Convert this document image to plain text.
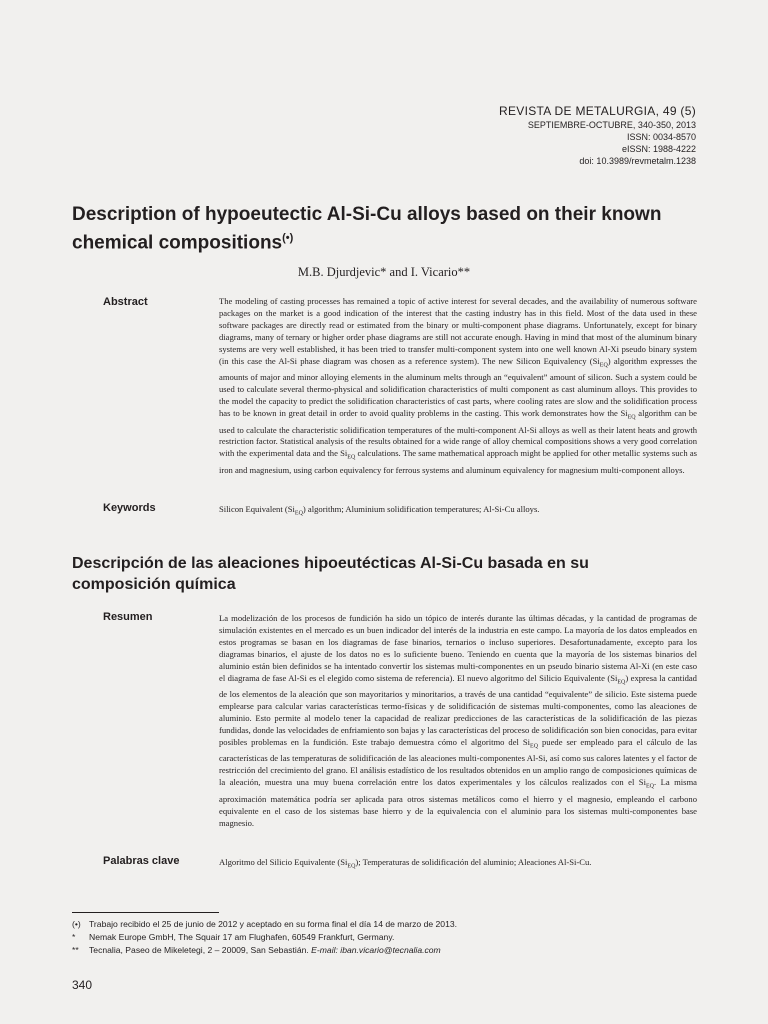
REVISTA DE METALURGIA, 49 (5)
SEPTIEMBRE-OCTUBRE, 340-350, 2013
ISSN: 0034-8570
eISSN: 1988-4222
doi: 10.3989/revmetalm.1238
Description of hypoeutectic Al-Si-Cu alloys based on their known
chemical compositions(•)
M.B. Djurdjevic* and I. Vicario**
Abstract	The modeling of casting processes has remained a topic of active interest for several decades, and the availability of numerous software packages on the market is a good indication of the interest that the casting industry has in this field. Most of the data used in these software packages are directly read or estimated from the binary or multi-component phase diagrams. Unfortunately, except for binary diagrams, many of ternary or higher order phase diagrams are still not accurate enough. Having in mind that most of the aluminum binary systems are very well established, it has been tried to transfer multi-component system into one well known Al-Xi pseudo binary system (in this case the Al-Si phase diagram was chosen as a reference system). The new Silicon Equivalency $(Si_{EQ})$ algorithm expresses the amounts of major and minor alloying elements in the aluminum melts through an “equivalent” amount of silicon. Such a system could be used to calculate several thermo-physical and solidification characteristics of multi component as cast aluminum alloys. This provides to the model the capacity to predict the solidification characteristics of cast parts, where cooling rates are slow and the solidification process has to be known in great detail in order to avoid quality problems in the casting. This work demonstrates how the $Si_{EQ}$ algorithm can be used to calculate the characteristic solidification temperatures of the multi-component Al-Si alloys as well as their latent heats and growth restriction factor. Statistical analysis of the results obtained for a wide range of alloy chemical compositions shows a very good correlation with the experimental data and the $Si_{EQ}$ calculations. The same mathematical approach might be applied for other metallic systems such as iron and magnesium, using carbon equivalency for ferrous systems and aluminum equivalency for magnesium multi-component alloys.
Keywords	Silicon Equivalent $(Si_{EQ})$ algorithm; Aluminium solidification temperatures; Al-Si-Cu alloys.
Descripción de las aleaciones hipoeutécticas Al-Si-Cu basada en su
composición química
Resumen	La modelización de los procesos de fundición ha sido un tópico de interés durante las últimas décadas, y la cantidad de programas de simulación existentes en el mercado es un buen indicador del interés de la industria en este campo. La mayoría de los datos empleados en estos programas se basan en los diagramas de fase binarios, ternarios o incluso superiores. Desafortunadamente, excepto para los diagramas binarios, el ajuste de los datos no es lo suficiente bueno. Teniendo en cuenta que la mayoría de los sistemas binarios del aluminio están bien definidos se ha intentado convertir los sistemas multi-componentes en un pseudo binario sistema Al-Xi (en este caso el diagrama de fase Al-Si es el elegido como sistema de referencia). El nuevo algoritmo del Silicio Equivalente $(Si_{EQ})$ expresa la cantidad de los elementos de la aleación que son mayoritarios y minoritarios, a través de una cantidad “equivalente” de silicio. Este sistema puede emplearse para calcular varias características termo-físicas y de solidificación de sistemas multi-componentes, como las aleaciones de aluminio. Esto permite al modelo tener la capacidad de realizar predicciones de las características de la solidificación de las piezas fundidas, donde las velocidades de enfriamiento son bajas y las características del proceso de solidificación son bien conocidas, para evitar posibles problemas en la fundición. Este trabajo demuestra cómo el algoritmo del $Si_{EQ}$ puede ser empleado para el cálculo de las características de las temperaturas de solidificación de las aleaciones multi-componentes Al-Si, así como sus calores latentes y el factor de restricción del crecimiento del grano. El análisis estadístico de los resultados obtenidos en un amplio rango de composiciones químicas de la aleación, muestra una muy buena correlación entre los datos experimentales y los cálculos realizados con el $Si_{EQ}$. La misma aproximación matemática podría ser aplicada para otros sistemas metálicos como el hierro y el magnesio, empleando el carbono equivalente en el caso de los sistemas base hierro y de la equivalencia con el aluminio para los sistemas multi-componentes base magnesio.
Palabras clave	Algoritmo del Silicio Equivalente $(Si_{EQ})$; Temperaturas de solidificación del aluminio; Aleaciones Al-Si-Cu.
(•) Trabajo recibido el 25 de junio de 2012 y aceptado en su forma final el día 14 de marzo de 2013.
* Nemak Europe GmbH, The Squair 17 am Flughafen, 60549 Frankfurt, Germany.
** Tecnalia, Paseo de Mikeletegi, 2 – 20009, San Sebastián. E-mail: iban.vicario@tecnalia.com
340
